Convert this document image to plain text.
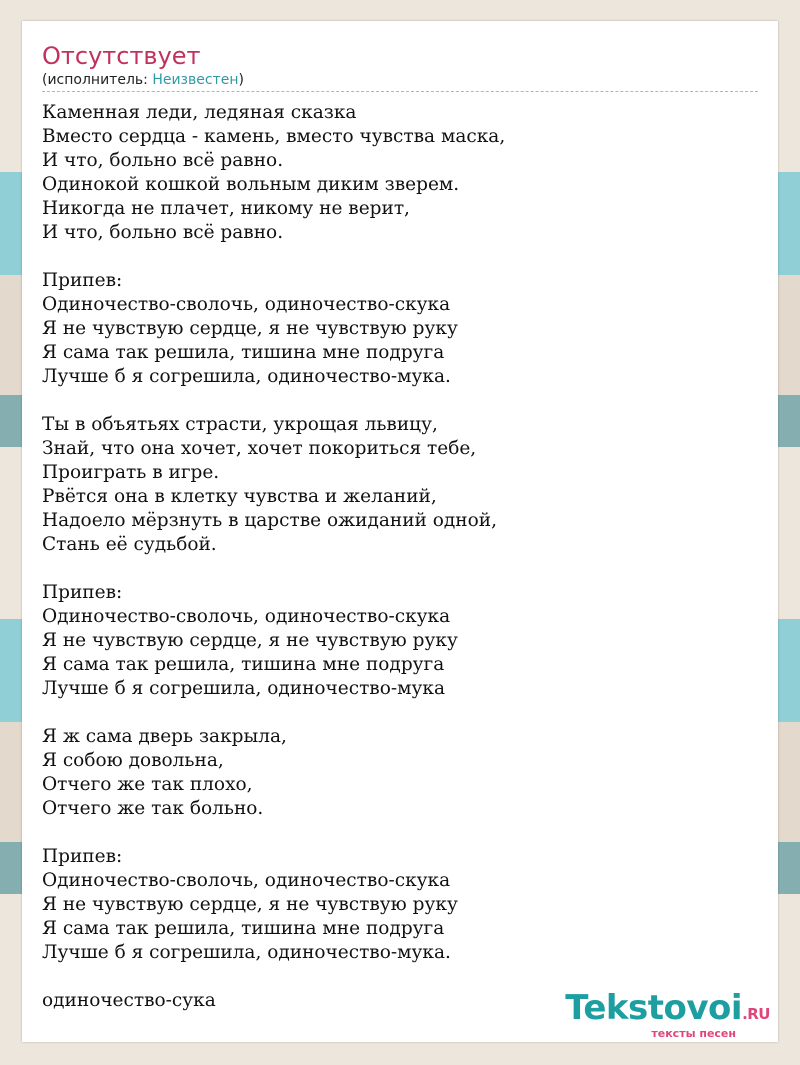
Отсутствует
(исполнитель: Неизвестен)
Каменная леди, ледяная сказка
Вместо сердца - камень, вместо чувства маска,
И что, больно всё равно.
Одинокой кошкой вольным диким зверем.
Никогда не плачет, никому не верит,
И что, больно всё равно.
Припев:
Одиночество-сволочь, одиночество-скука
Я не чувствую сердце, я не чувствую руку
Я сама так решила, тишина мне подруга
Лучше б я согрешила, одиночество-мука.
Ты в объятьях страсти, укрощая львицу,
Знай, что она хочет, хочет покориться тебе,
Проиграть в игре.
Рвётся она в клетку чувства и желаний,
Надоело мёрзнуть в царстве ожиданий одной,
Стань её судьбой.
Припев:
Одиночество-сволочь, одиночество-скука
Я не чувствую сердце, я не чувствую руку
Я сама так решила, тишина мне подруга
Лучше б я согрешила, одиночество-мука
Я ж сама дверь закрыла,
Я собою довольна,
Отчего же так плохо,
Отчего же так больно.
Припев:
Одиночество-сволочь, одиночество-скука
Я не чувствую сердце, я не чувствую руку
Я сама так решила, тишина мне подруга
Лучше б я согрешила, одиночество-мука.
одиночество-сука	Tekstovoi.RU
тексты песен
